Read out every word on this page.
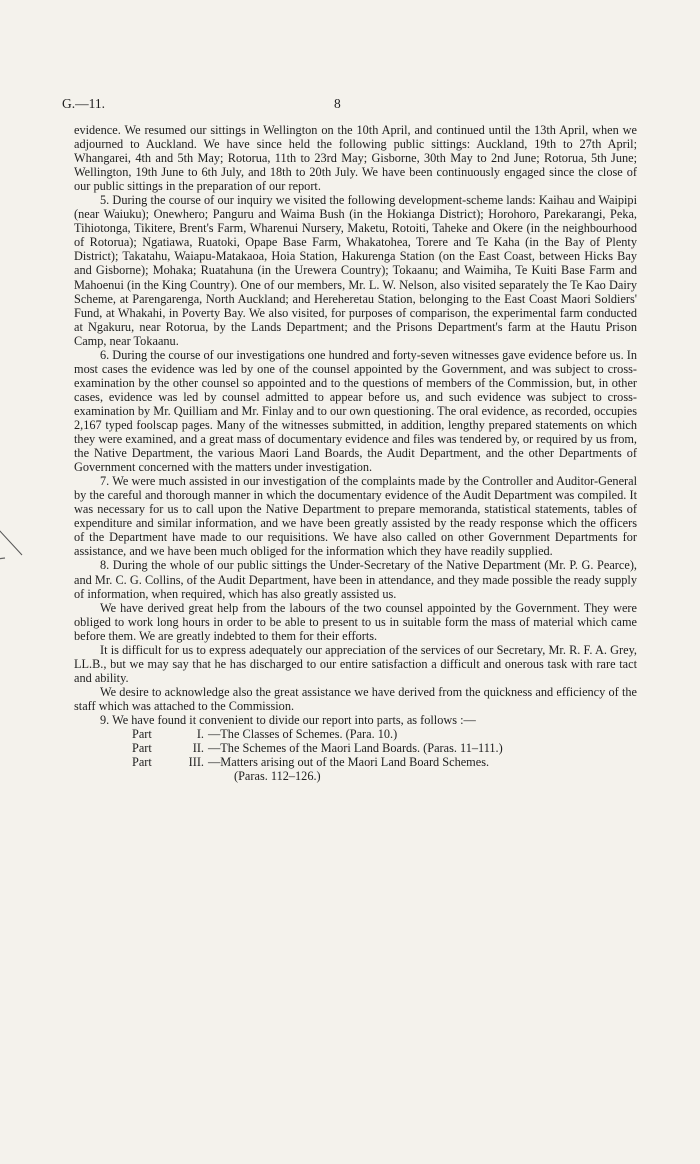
G.—11.	8

evidence. We resumed our sittings in Wellington on the 10th April, and continued until the 13th April, when we adjourned to Auckland. We have since held the following public sittings: Auckland, 19th to 27th April; Whangarei, 4th and 5th May; Rotorua, 11th to 23rd May; Gisborne, 30th May to 2nd June; Rotorua, 5th June; Wellington, 19th June to 6th July, and 18th to 20th July. We have been continuously engaged since the close of our public sittings in the preparation of our report.

5. During the course of our inquiry we visited the following development-scheme lands: Kaihau and Waipipi (near Waiuku); Onewhero; Panguru and Waima Bush (in the Hokianga District); Horohoro, Parekarangi, Peka, Tihiotonga, Tikitere, Brent's Farm, Wharenui Nursery, Maketu, Rotoiti, Taheke and Okere (in the neighbourhood of Rotorua); Ngatiawa, Ruatoki, Opape Base Farm, Whakatohea, Torere and Te Kaha (in the Bay of Plenty District); Takatahu, Waiapu-Matakaoa, Hoia Station, Hakurenga Station (on the East Coast, between Hicks Bay and Gisborne); Mohaka; Ruatahuna (in the Urewera Country); Tokaanu; and Waimiha, Te Kuiti Base Farm and Mahoenui (in the King Country). One of our members, Mr. L. W. Nelson, also visited separately the Te Kao Dairy Scheme, at Parengarenga, North Auckland; and Hereheretau Station, belonging to the East Coast Maori Soldiers' Fund, at Whakahi, in Poverty Bay. We also visited, for purposes of comparison, the experimental farm conducted at Ngakuru, near Rotorua, by the Lands Department; and the Prisons Department's farm at the Hautu Prison Camp, near Tokaanu.

6. During the course of our investigations one hundred and forty-seven witnesses gave evidence before us. In most cases the evidence was led by one of the counsel appointed by the Government, and was subject to cross-examination by the other counsel so appointed and to the questions of members of the Commission, but, in other cases, evidence was led by counsel admitted to appear before us, and such evidence was subject to cross-examination by Mr. Quilliam and Mr. Finlay and to our own questioning. The oral evidence, as recorded, occupies 2,167 typed foolscap pages. Many of the witnesses submitted, in addition, lengthy prepared statements on which they were examined, and a great mass of documentary evidence and files was tendered by, or required by us from, the Native Department, the various Maori Land Boards, the Audit Department, and the other Departments of Government concerned with the matters under investigation.

7. We were much assisted in our investigation of the complaints made by the Controller and Auditor-General by the careful and thorough manner in which the documentary evidence of the Audit Department was compiled. It was necessary for us to call upon the Native Department to prepare memoranda, statistical statements, tables of expenditure and similar information, and we have been greatly assisted by the ready response which the officers of the Department have made to our requisitions. We have also called on other Government Departments for assistance, and we have been much obliged for the information which they have readily supplied.

8. During the whole of our public sittings the Under-Secretary of the Native Department (Mr. P. G. Pearce), and Mr. C. G. Collins, of the Audit Department, have been in attendance, and they made possible the ready supply of information, when required, which has also greatly assisted us.

We have derived great help from the labours of the two counsel appointed by the Government. They were obliged to work long hours in order to be able to present to us in suitable form the mass of material which came before them. We are greatly indebted to them for their efforts.

It is difficult for us to express adequately our appreciation of the services of our Secretary, Mr. R. F. A. Grey, LL.B., but we may say that he has discharged to our entire satisfaction a difficult and onerous task with rare tact and ability.

We desire to acknowledge also the great assistance we have derived from the quickness and efficiency of the staff which was attached to the Commission.

9. We have found it convenient to divide our report into parts, as follows :—

Part	I. —The Classes of Schemes. (Para. 10.)
Part	II. —The Schemes of the Maori Land Boards. (Paras. 11–111.)
Part	III. —Matters arising out of the Maori Land Board Schemes.
(Paras. 112–126.)
